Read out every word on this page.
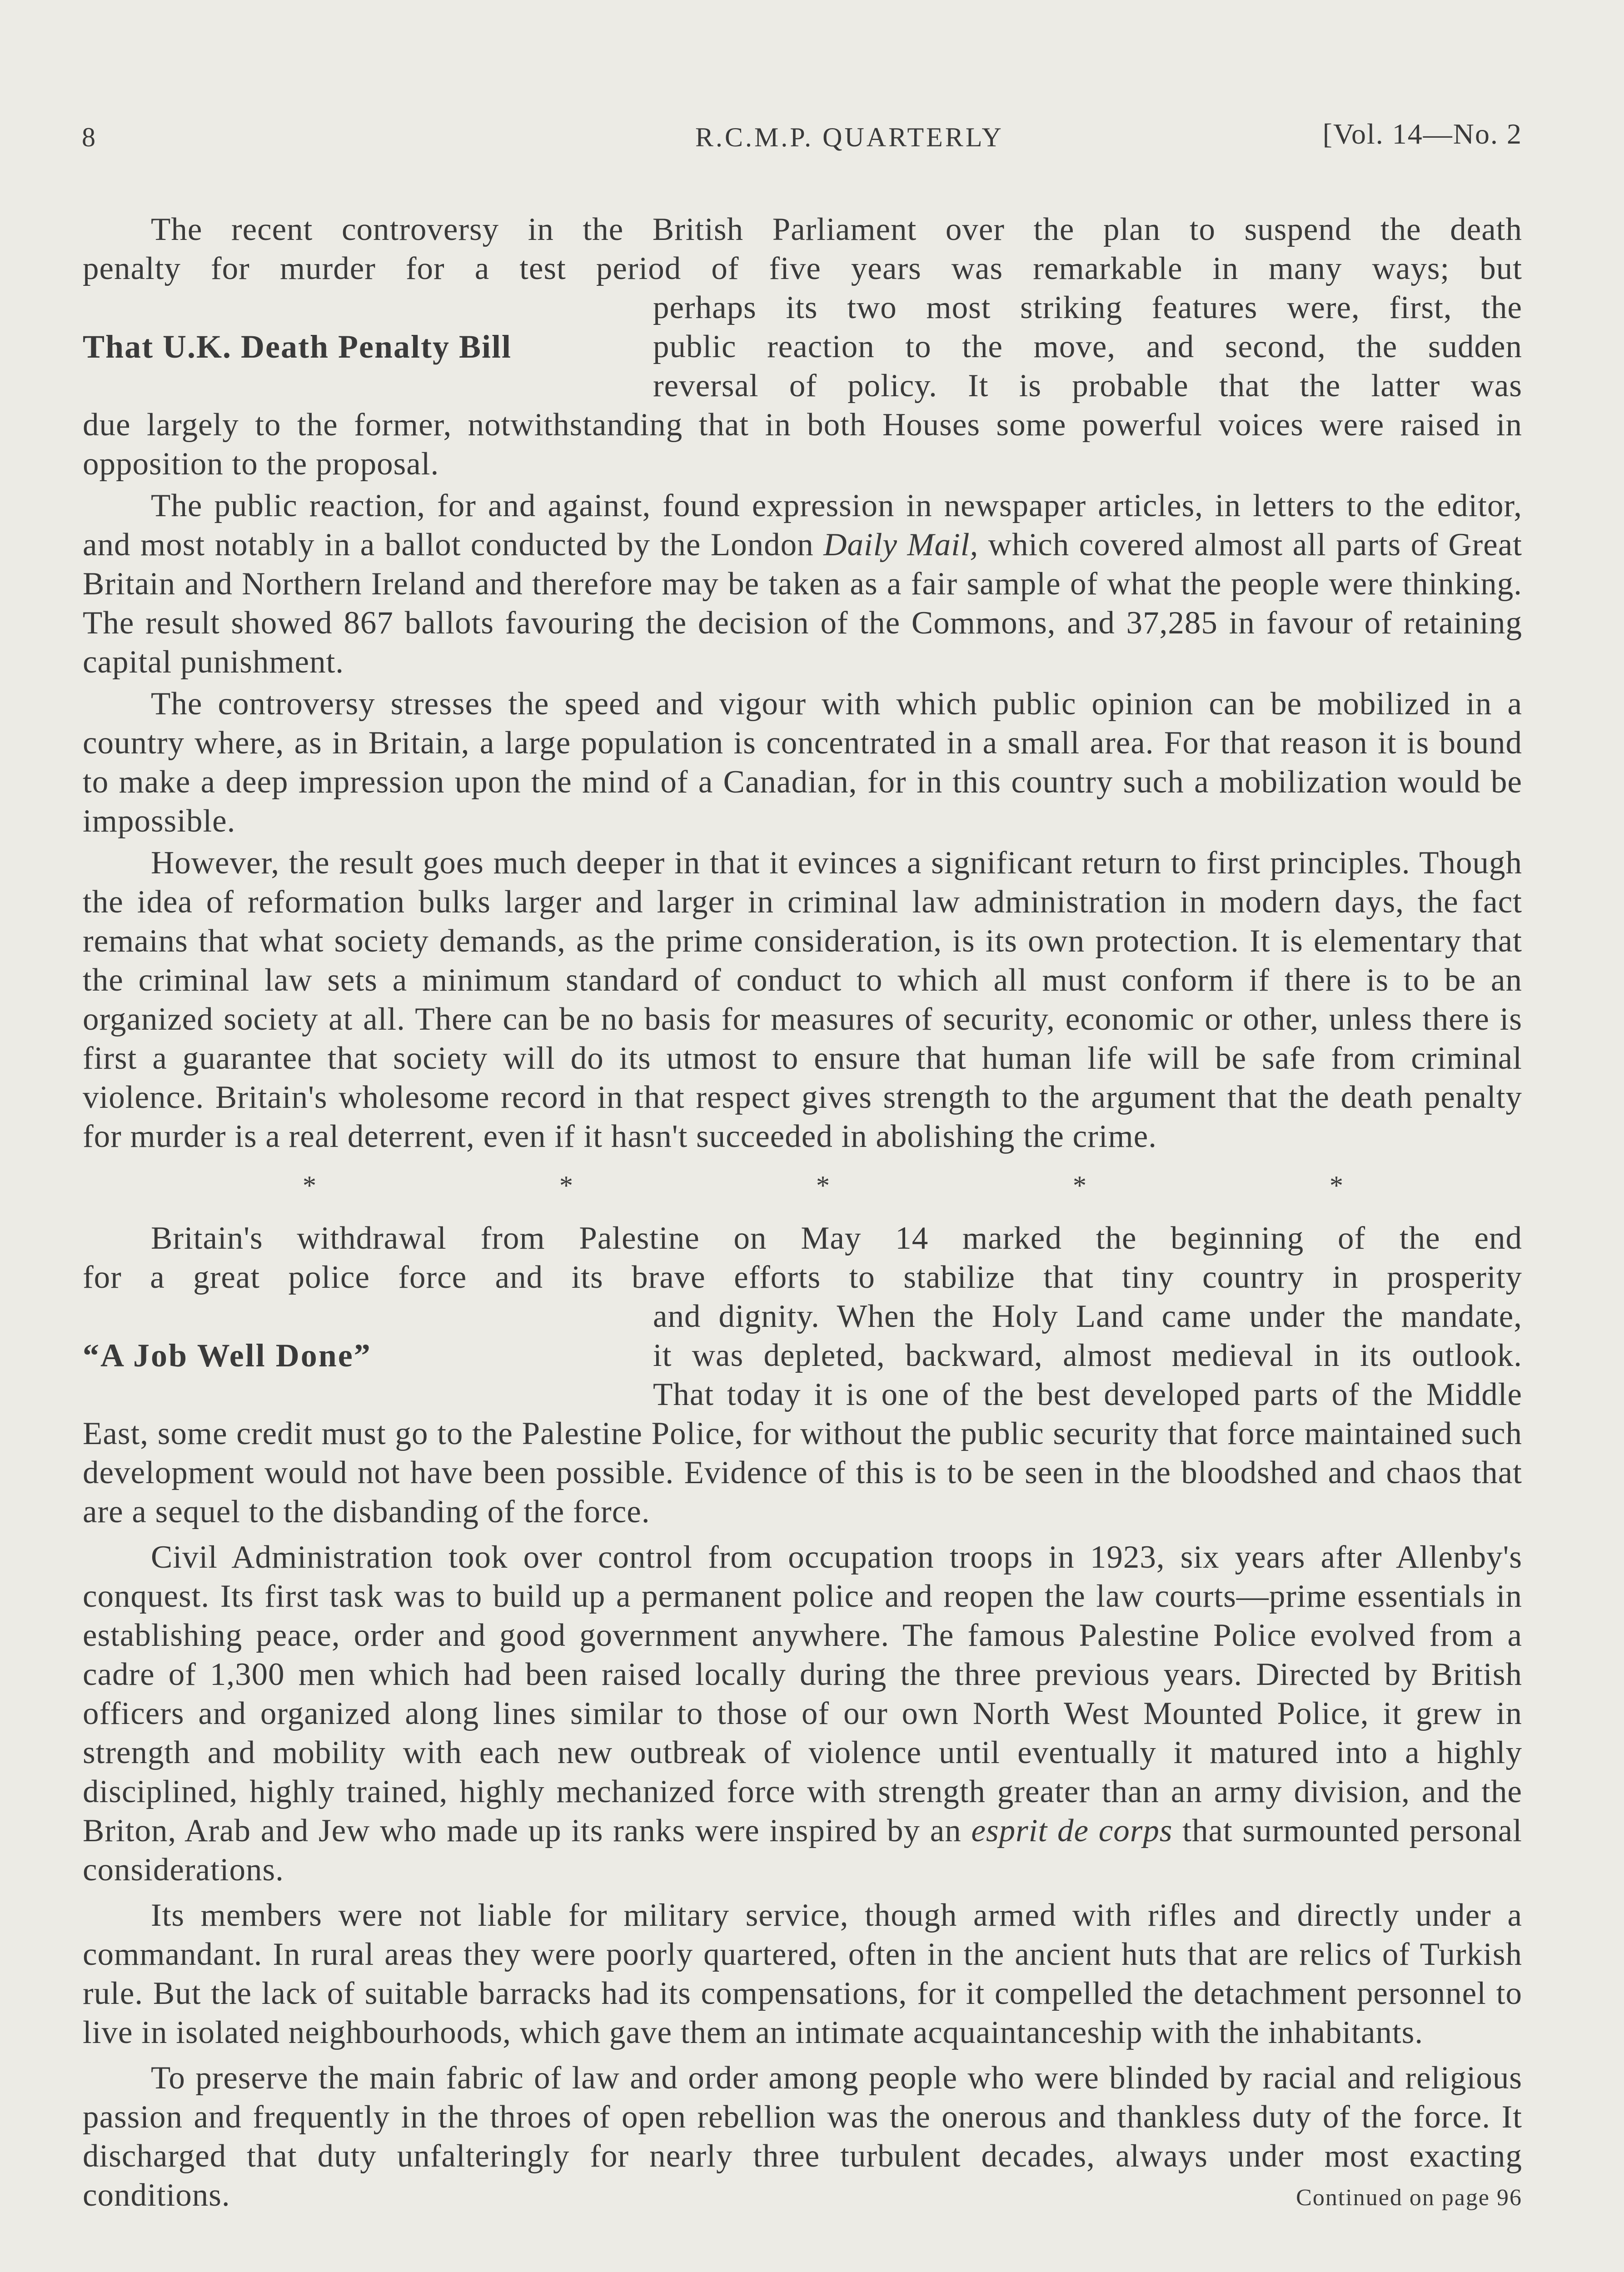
8	R.C.M.P. QUARTERLY	[Vol. 14—No. 2

The recent controversy in the British Parliament over the plan to suspend the death

penalty for murder for a test period of five years was remarkable in many ways; but

That U.K. Death Penalty Bill
perhaps its two most striking features were, first, the
public reaction to the move, and second, the sudden
reversal of policy. It is probable that the latter was

due largely to the former, notwithstanding that in both Houses some powerful voices were raised in opposition to the proposal.

The public reaction, for and against, found expression in newspaper articles, in letters to the editor, and most notably in a ballot conducted by the London Daily Mail, which covered almost all parts of Great Britain and Northern Ireland and therefore may be taken as a fair sample of what the people were thinking. The result showed 867 ballots favouring the decision of the Commons, and 37,285 in favour of retaining capital punishment.

The controversy stresses the speed and vigour with which public opinion can be mobilized in a country where, as in Britain, a large population is concentrated in a small area. For that reason it is bound to make a deep impression upon the mind of a Canadian, for in this country such a mobilization would be impossible.

However, the result goes much deeper in that it evinces a significant return to first principles. Though the idea of reformation bulks larger and larger in criminal law administration in modern days, the fact remains that what society demands, as the prime consideration, is its own protection. It is elementary that the criminal law sets a minimum standard of conduct to which all must conform if there is to be an organized society at all. There can be no basis for measures of security, economic or other, unless there is first a guarantee that society will do its utmost to ensure that human life will be safe from criminal violence. Britain's wholesome record in that respect gives strength to the argument that the death penalty for murder is a real deterrent, even if it hasn't succeeded in abolishing the crime.

* * * * *

Britain's withdrawal from Palestine on May 14 marked the beginning of the end

for a great police force and its brave efforts to stabilize that tiny country in prosperity

“A Job Well Done”
and dignity. When the Holy Land came under the mandate,
it was depleted, backward, almost medieval in its outlook.
That today it is one of the best developed parts of the Middle

East, some credit must go to the Palestine Police, for without the public security that force maintained such development would not have been possible. Evidence of this is to be seen in the bloodshed and chaos that are a sequel to the disbanding of the force.

Civil Administration took over control from occupation troops in 1923, six years after Allenby's conquest. Its first task was to build up a permanent police and reopen the law courts—prime essentials in establishing peace, order and good government anywhere. The famous Palestine Police evolved from a cadre of 1,300 men which had been raised locally during the three previous years. Directed by British officers and organized along lines similar to those of our own North West Mounted Police, it grew in strength and mobility with each new outbreak of violence until eventually it matured into a highly disciplined, highly trained, highly mechanized force with strength greater than an army division, and the Briton, Arab and Jew who made up its ranks were inspired by an esprit de corps that surmounted personal considerations.

Its members were not liable for military service, though armed with rifles and directly under a commandant. In rural areas they were poorly quartered, often in the ancient huts that are relics of Turkish rule. But the lack of suitable barracks had its compensations, for it compelled the detachment personnel to live in isolated neighbourhoods, which gave them an intimate acquaintanceship with the inhabitants.

To preserve the main fabric of law and order among people who were blinded by racial and religious passion and frequently in the throes of open rebellion was the onerous and thankless duty of the force. It discharged that duty unfalteringly for nearly three turbulent decades, always under most exacting conditions.	Continued on page 96
